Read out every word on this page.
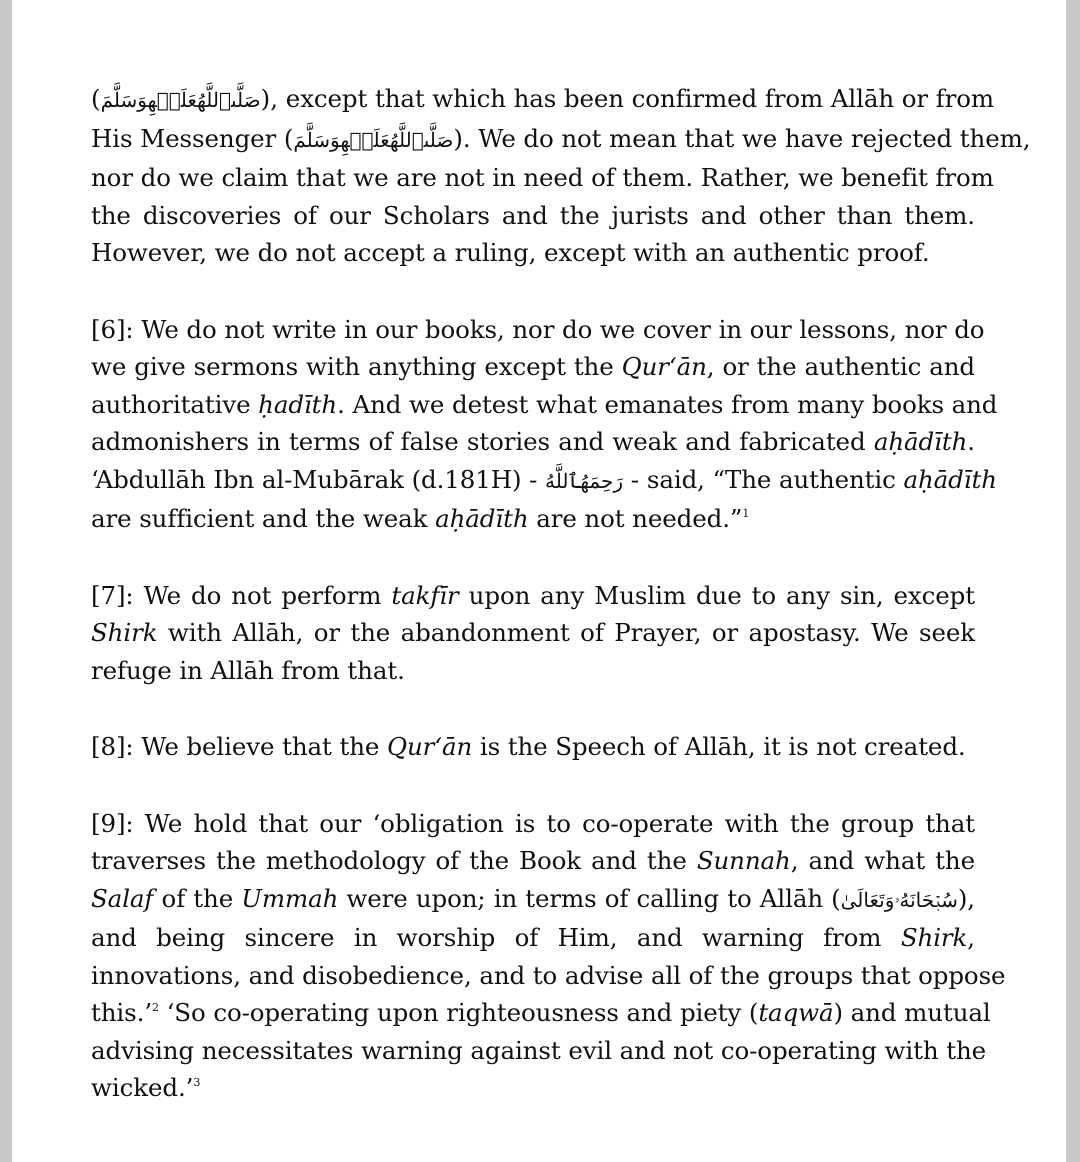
(صَلَّىٱللَّهُعَلَيۡهِوَسَلَّمَ), except that which has been confirmed from Allāh or from
His Messenger (صَلَّىٱللَّهُعَلَيۡهِوَسَلَّمَ). We do not mean that we have rejected them,
nor do we claim that we are not in need of them. Rather, we benefit from
the discoveries of our Scholars and the jurists and other than them.
However, we do not accept a ruling, except with an authentic proof.
[6]: We do not write in our books, nor do we cover in our lessons, nor do
we give sermons with anything except the Qur‘ān, or the authentic and
authoritative ḥadīth. And we detest what emanates from many books and
admonishers in terms of false stories and weak and fabricated aḥādīth.
‘Abdullāh Ibn al-Mubārak (d.181H) - رَحِمَهُٱللَّهُ - said, “The authentic aḥādīth
are sufficient and the weak aḥādīth are not needed.”$^1$
[7]: We do not perform takfīr upon any Muslim due to any sin, except
Shirk with Allāh, or the abandonment of Prayer, or apostasy. We seek
refuge in Allāh from that.
[8]: We believe that the Qur‘ān is the Speech of Allāh, it is not created.
[9]: We hold that our ‘obligation is to co-operate with the group that
traverses the methodology of the Book and the Sunnah, and what the
Salaf of the Ummah were upon; in terms of calling to Allāh (سُبۡحَانَهُۥوَتَعَالَىٰ),
and being sincere in worship of Him, and warning from Shirk,
innovations, and disobedience, and to advise all of the groups that oppose
this.’$^2$ ‘So co-operating upon righteousness and piety (taqwā) and mutual
advising necessitates warning against evil and not co-operating with the
wicked.’$^3$
